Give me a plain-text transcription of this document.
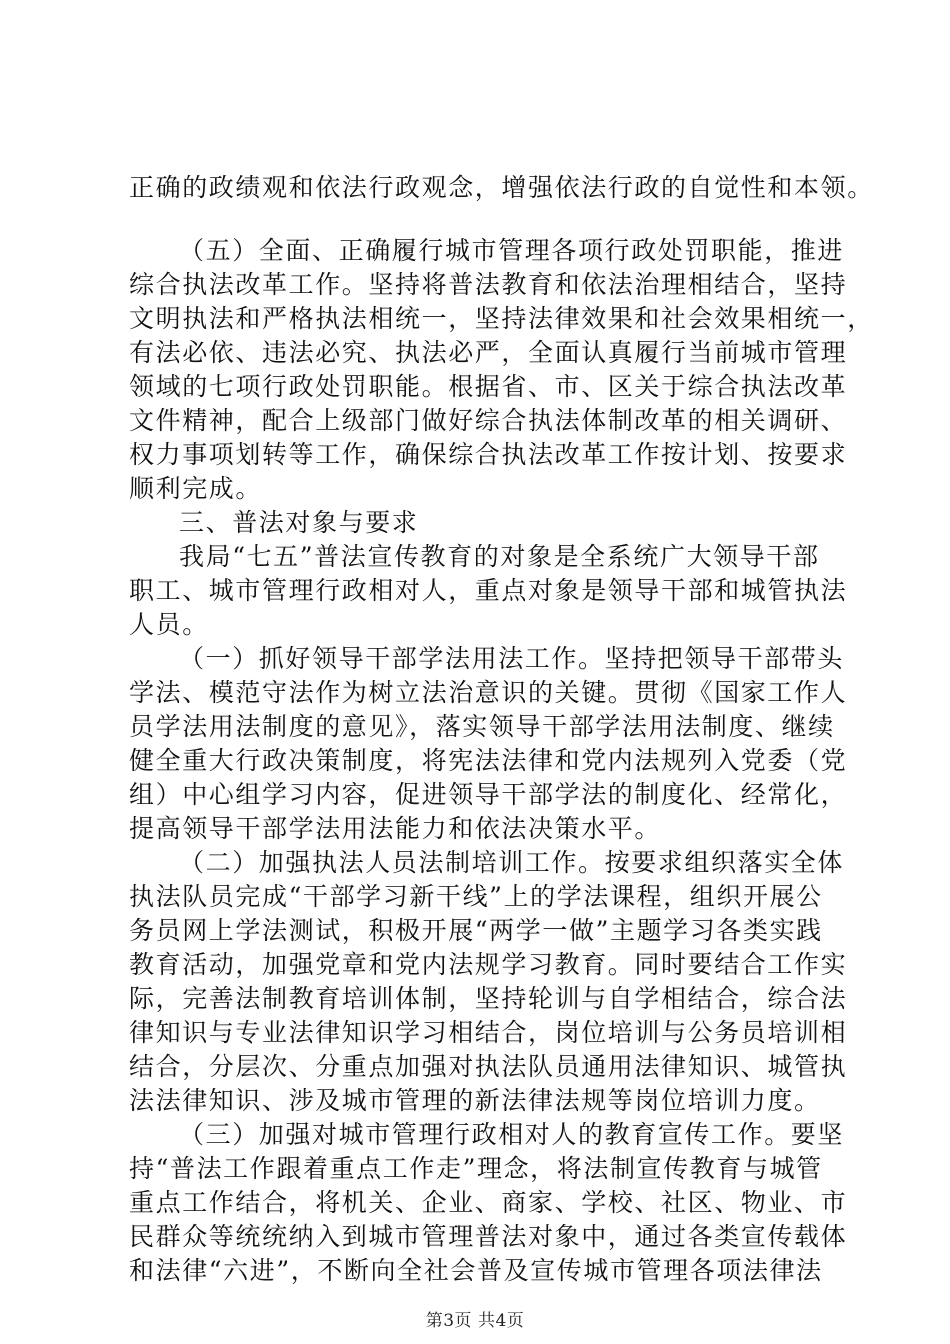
正确的政绩观和依法行政观念，增强依法行政的自觉性和本领。
（五）全面、正确履行城市管理各项行政处罚职能，推进
综合执法改革工作。坚持将普法教育和依法治理相结合，坚持
文明执法和严格执法相统一，坚持法律效果和社会效果相统一，
有法必依、违法必究、执法必严，全面认真履行当前城市管理
领域的七项行政处罚职能。根据省、市、区关于综合执法改革
文件精神，配合上级部门做好综合执法体制改革的相关调研、
权力事项划转等工作，确保综合执法改革工作按计划、按要求
顺利完成。
三、普法对象与要求
我局“七五”普法宣传教育的对象是全系统广大领导干部
职工、城市管理行政相对人，重点对象是领导干部和城管执法
人员。
（一）抓好领导干部学法用法工作。坚持把领导干部带头
学法、模范守法作为树立法治意识的关键。贯彻《国家工作人
员学法用法制度的意见》，落实领导干部学法用法制度、继续
健全重大行政决策制度，将宪法法律和党内法规列入党委（党
组）中心组学习内容，促进领导干部学法的制度化、经常化，
提高领导干部学法用法能力和依法决策水平。
（二）加强执法人员法制培训工作。按要求组织落实全体
执法队员完成“干部学习新干线”上的学法课程，组织开展公
务员网上学法测试，积极开展“两学一做”主题学习各类实践
教育活动，加强党章和党内法规学习教育。同时要结合工作实
际，完善法制教育培训体制，坚持轮训与自学相结合，综合法
律知识与专业法律知识学习相结合，岗位培训与公务员培训相
结合，分层次、分重点加强对执法队员通用法律知识、城管执
法法律知识、涉及城市管理的新法律法规等岗位培训力度。
（三）加强对城市管理行政相对人的教育宣传工作。要坚
持“普法工作跟着重点工作走”理念，将法制宣传教育与城管
重点工作结合，将机关、企业、商家、学校、社区、物业、市
民群众等统统纳入到城市管理普法对象中，通过各类宣传载体
和法律“六进”，不断向全社会普及宣传城市管理各项法律法
第3页 共4页
